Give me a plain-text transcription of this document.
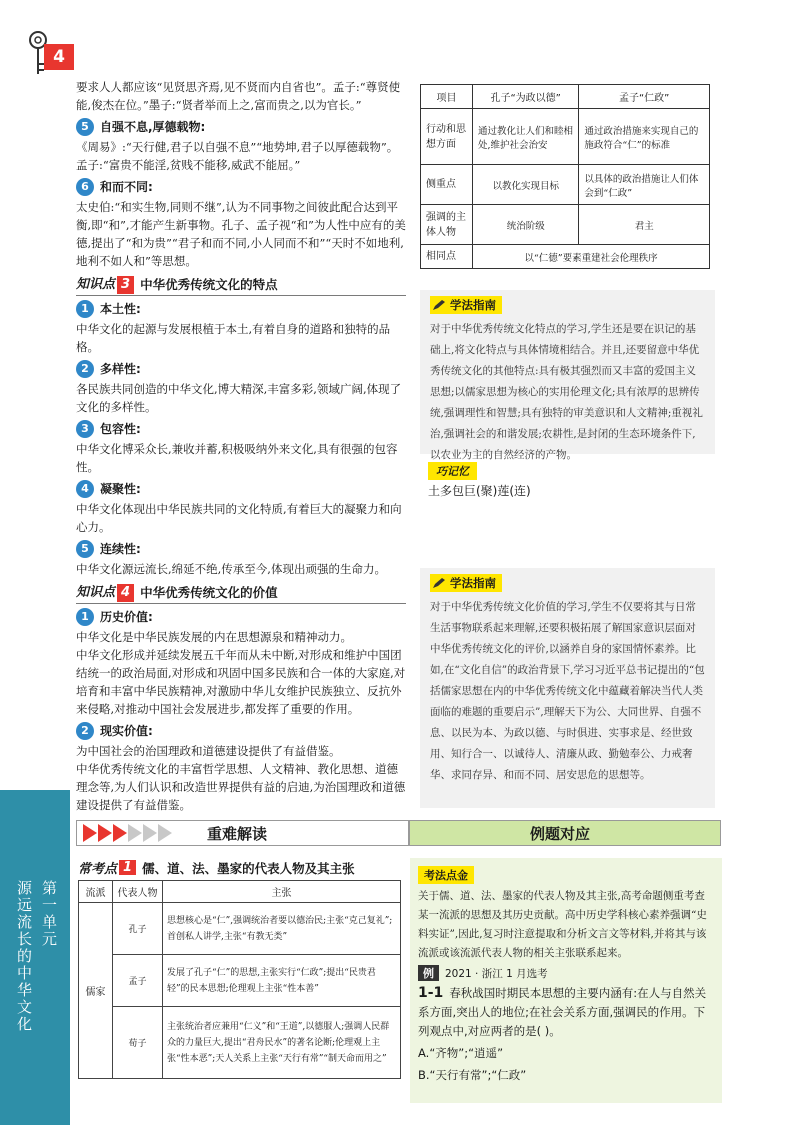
第一单元
源远流长的中华文化
4

要求人人都应该“见贤思齐焉,见不贤而内自省也”。孟子:“尊贤使能,俊杰在位。”墨子:“贤者举而上之,富而贵之,以为官长。”

5 自强不息,厚德载物:

《周易》:“天行健,君子以自强不息”“地势坤,君子以厚德载物”。孟子:“富贵不能淫,贫贱不能移,威武不能屈。”

6 和而不同:

太史伯:“和实生物,同则不继”,认为不同事物之间彼此配合达到平衡,即“和”,才能产生新事物。孔子、孟子视“和”为人性中应有的美德,提出了“和为贵”“君子和而不同,小人同而不和”“天时不如地利,地利不如人和”等思想。

知识点 3 中华优秀传统文化的特点
1 本土性:

中华文化的起源与发展根植于本土,有着自身的道路和独特的品格。

2 多样性:

各民族共同创造的中华文化,博大精深,丰富多彩,领域广阔,体现了文化的多样性。

3 包容性:

中华文化博采众长,兼收并蓄,积极吸纳外来文化,具有很强的包容性。

4 凝聚性:

中华文化体现出中华民族共同的文化特质,有着巨大的凝聚力和向心力。

5 连续性:

中华文化源远流长,绵延不绝,传承至今,体现出顽强的生命力。

知识点 4 中华优秀传统文化的价值
1 历史价值:

中华文化是中华民族发展的内在思想源泉和精神动力。
中华文化形成并延续发展五千年而从未中断,对形成和维护中国团结统一的政治局面,对形成和巩固中国多民族和合一体的大家庭,对培育和丰富中华民族精神,对激励中华儿女维护民族独立、反抗外来侵略,对推动中国社会发展进步,都发挥了重要的作用。

2 现实价值:

为中国社会的治国理政和道德建设提供了有益借鉴。
中华优秀传统文化的丰富哲学思想、人文精神、教化思想、道德理念等,为人们认识和改造世界提供有益的启迪,为治国理政和道德建设提供了有益借鉴。

项目	孔子“为政以德”	孟子“仁政”
行动和思想方面	通过教化让人们和睦相处,维护社会治安	通过政治措施来实现自己的施政符合“仁”的标准
侧重点	以教化实现目标	以具体的政治措施让人们体会到“仁政”
强调的主体人物	统治阶级	君主
相同点	以“仁德”要素重建社会伦理秩序	
学法指南
对于中华优秀传统文化特点的学习,学生还是要在识记的基础上,将文化特点与具体情境相结合。并且,还要留意中华优秀传统文化的其他特点:具有极其强烈而又丰富的爱国主义思想;以儒家思想为核心的实用伦理文化;具有浓厚的思辨传统,强调理性和智慧;具有独特的审美意识和人文精神;重视礼治,强调社会的和谐发展;农耕性,是封闭的生态环境条件下,以农业为主的自然经济的产物。
巧记忆
土多包巨(聚)莲(连)
学法指南
对于中华优秀传统文化价值的学习,学生不仅要将其与日常生活事物联系起来理解,还要积极拓展了解国家意识层面对中华优秀传统文化的评价,以涵养自身的家国情怀素养。比如,在“文化自信”的政治背景下,学习习近平总书记提出的“包括儒家思想在内的中华优秀传统文化中蕴藏着解决当代人类面临的难题的重要启示”,理解天下为公、大同世界、自强不息、以民为本、为政以德、与时俱进、实事求是、经世致用、知行合一、以诚待人、清廉从政、勤勉奉公、力戒奢华、求同存异、和而不同、居安思危的思想等。
重难解读	例题对应
常考点 1 儒、道、法、墨家的代表人物及其主张
流派	代表人物	主张
儒家	孔子	思想核心是“仁”,强调统治者要以德治民;主张“克己复礼”;首创私人讲学,主张“有教无类”
	孟子	发展了孔子“仁”的思想,主张实行“仁政”;提出“民贵君轻”的民本思想;伦理观上主张“性本善”
	荀子	主张统治者应兼用“仁义”和“王道”,以德服人;强调人民群众的力量巨大,提出“君舟民水”的著名论断;伦理观上主张“性本恶”;天人关系上主张“天行有常”“制天命而用之”
考法点金
关于儒、道、法、墨家的代表人物及其主张,高考命题侧重考查某一流派的思想及其历史贡献。高中历史学科核心素养强调“史料实证”,因此,复习时注意提取和分析文言文等材料,并将其与该流派或该流派代表人物的相关主张联系起来。
例	2021 · 浙江 1 月选考
1-1 春秋战国时期民本思想的主要内涵有:在人与自然关系方面,突出人的地位;在社会关系方面,强调民的作用。下列观点中,对应两者的是( )。
A.“齐物”;“逍遥”
B.“天行有常”;“仁政”
